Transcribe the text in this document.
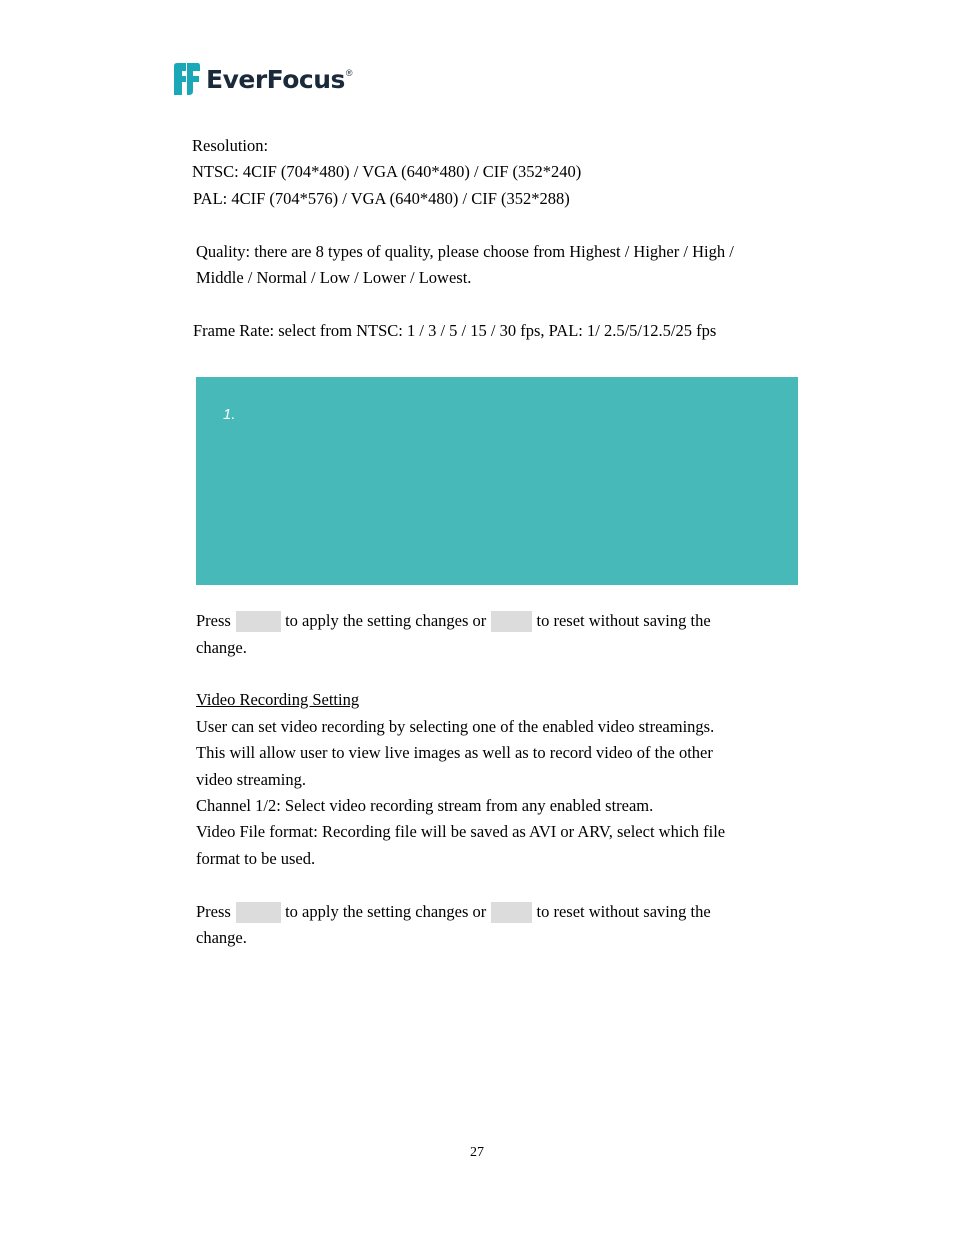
EverFocus ®
Resolution:
NTSC: 4CIF (704*480) / VGA (640*480) / CIF (352*240)
PAL: 4CIF (704*576) / VGA (640*480) / CIF (352*288)
Quality: there are 8 types of quality, please choose from Highest / Higher / High /
Middle / Normal / Low / Lower / Lowest.
Frame Rate: select from NTSC: 1 / 3 / 5 / 15 / 30 fps, PAL: 1/ 2.5/5/12.5/25 fps
1.
Press	to apply the setting changes or	to reset without saving the
change.
Video Recording Setting
User can set video recording by selecting one of the enabled video streamings.
This will allow user to view live images as well as to record video of the other
video streaming.
Channel 1/2: Select video recording stream from any enabled stream.
Video File format: Recording file will be saved as AVI or ARV, select which file
format to be used.
Press	to apply the setting changes or	to reset without saving the
change.
27
